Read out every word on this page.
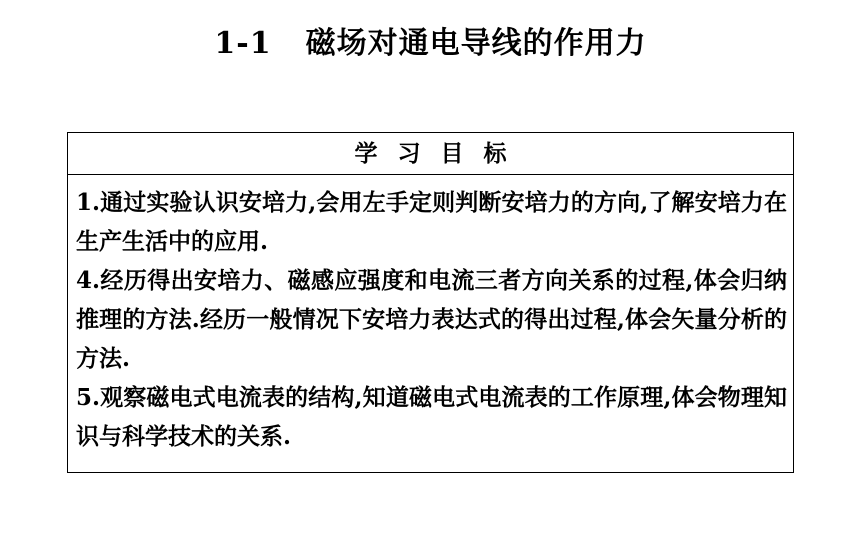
1-1 磁场对通电导线的作用力
学习目标
1.通过实验认识安培力,会用左手定则判断安培力的方向,了解安培力在生产生活中的应用.
4.经历得出安培力、磁感应强度和电流三者方向关系的过程,体会归纳推理的方法.经历一般情况下安培力表达式的得出过程,体会矢量分析的方法.
5.观察磁电式电流表的结构,知道磁电式电流表的工作原理,体会物理知识与科学技术的关系.
